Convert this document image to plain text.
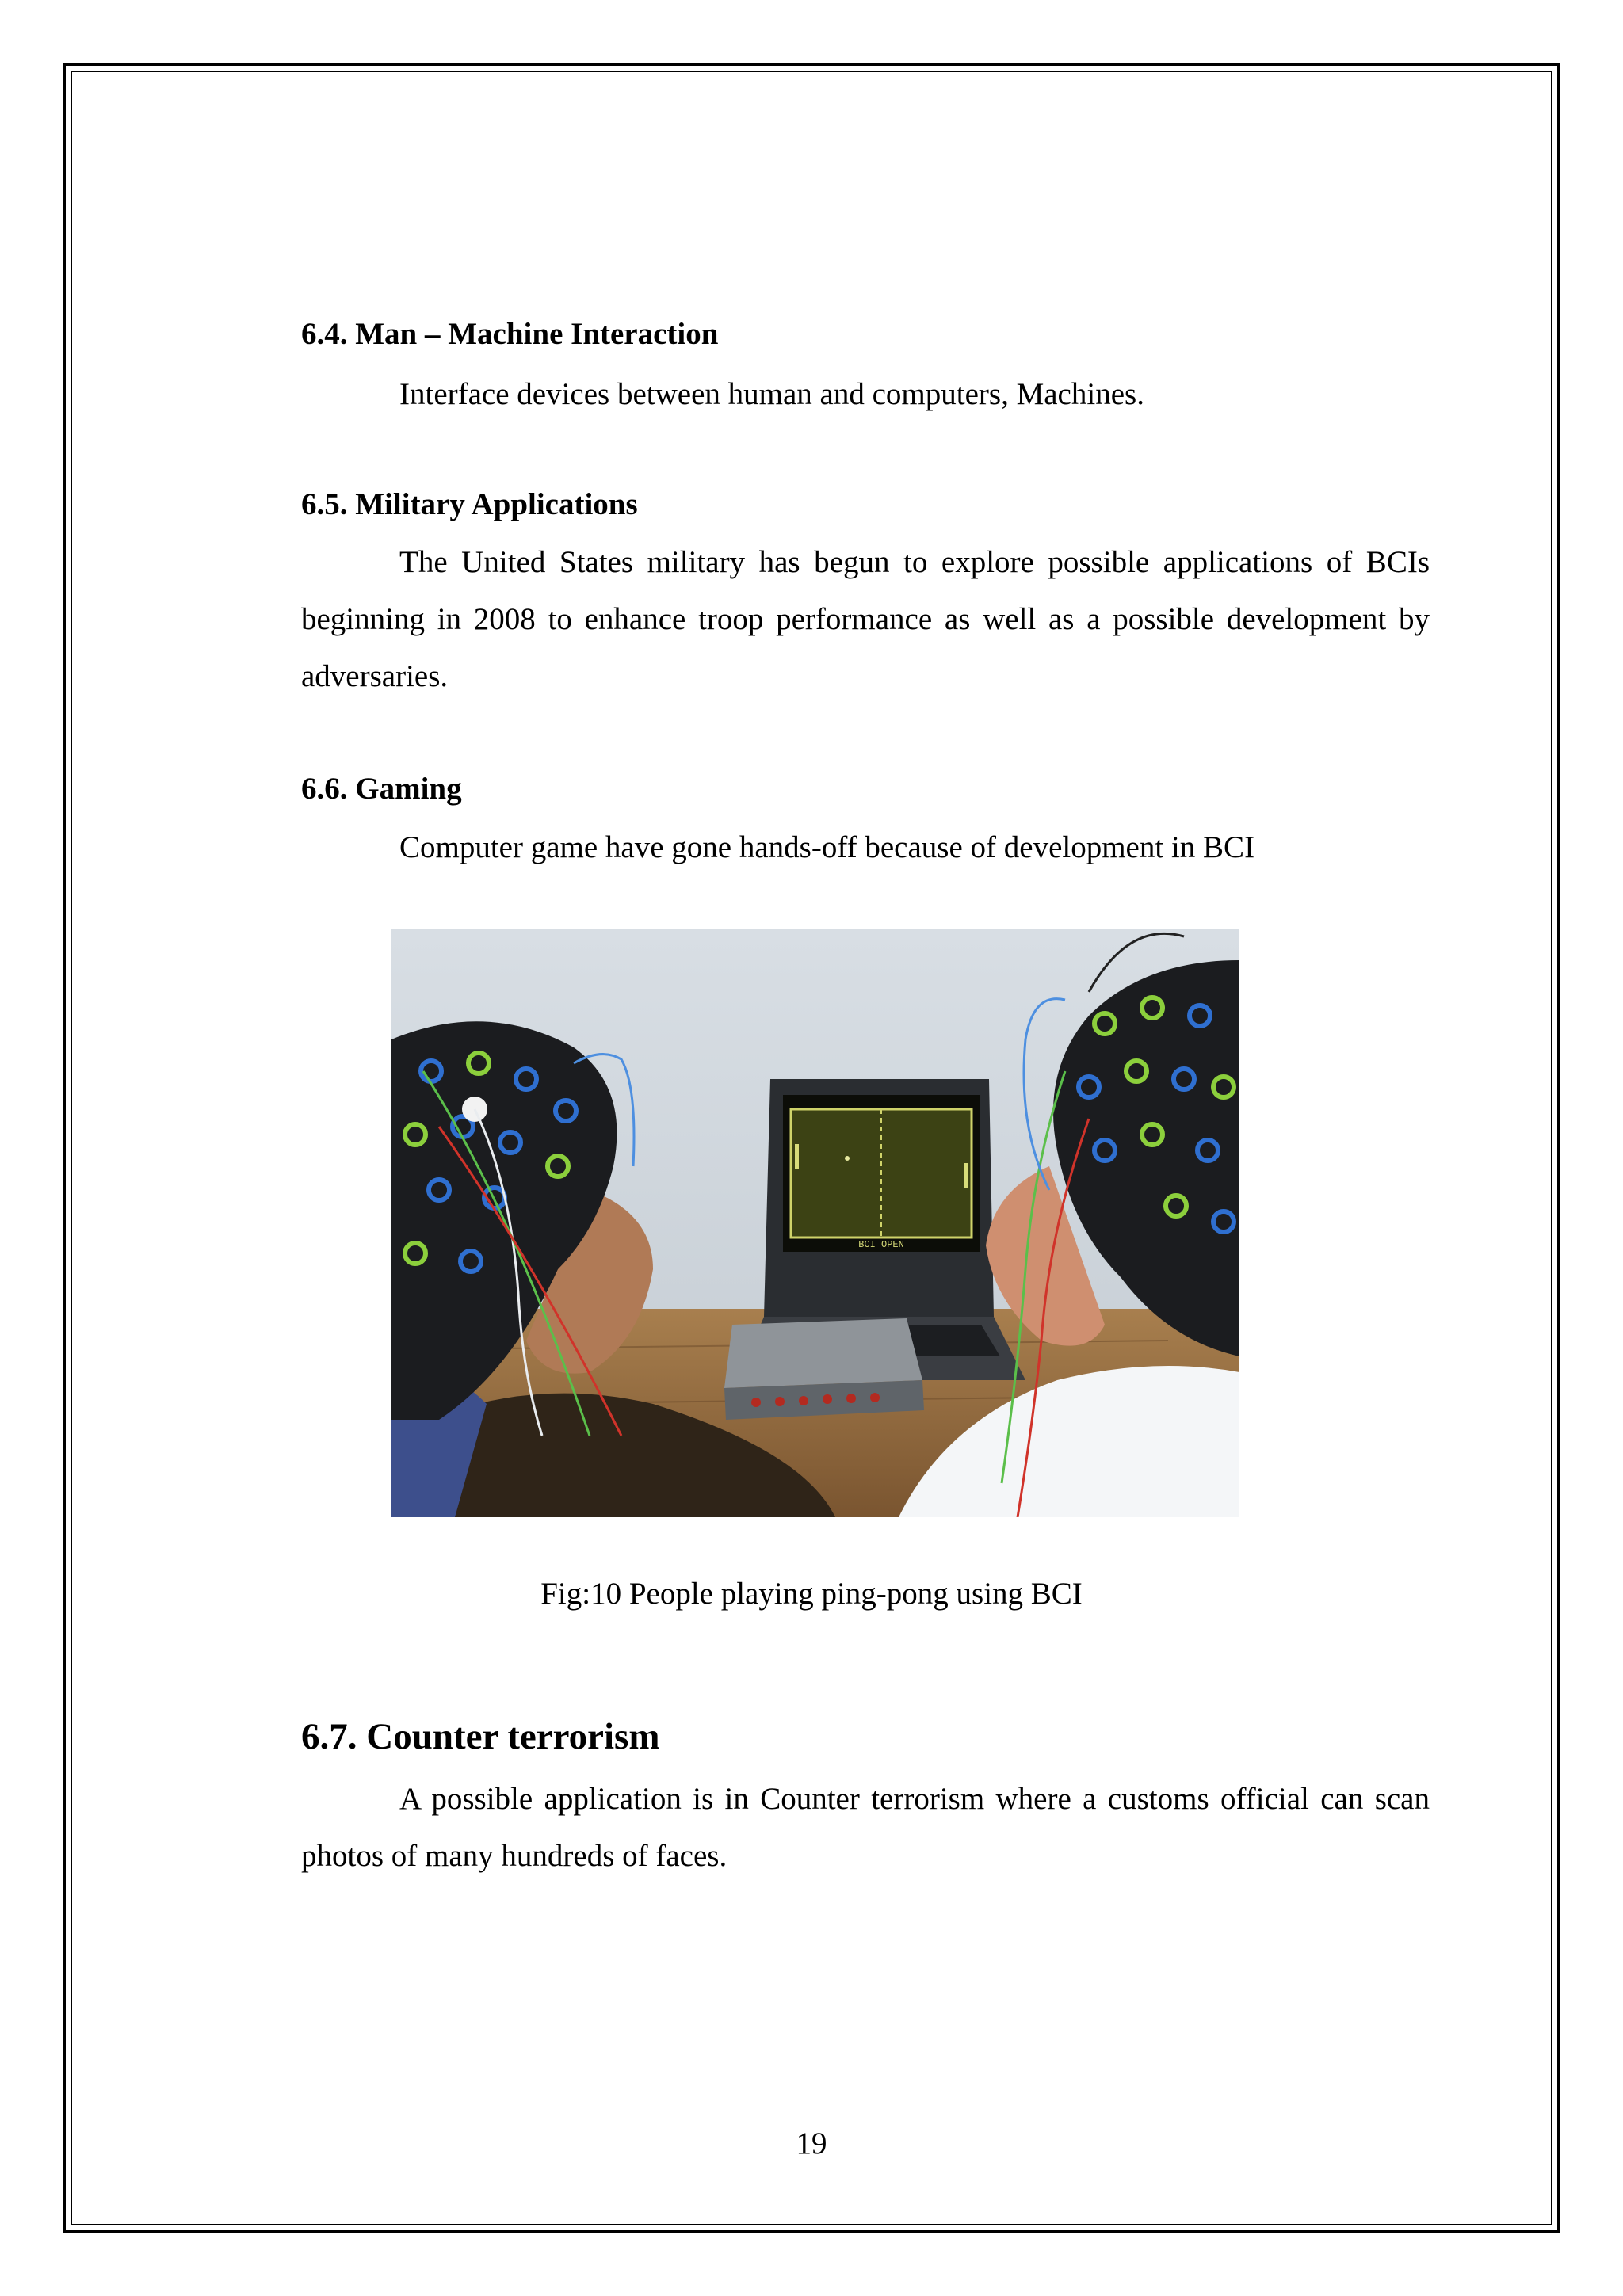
6.4. Man – Machine Interaction

Interface devices between human and computers, Machines.

6.5. Military Applications

The United States military has begun to explore possible applications of BCIs beginning in 2008 to enhance troop performance as well as a possible development by adversaries.

6.6. Gaming

Computer game have gone hands-off because of development in BCI

BCI OPEN

Fig:10 People playing ping-pong using BCI

6.7. Counter terrorism

A possible application is in Counter terrorism where a customs official can scan photos of many hundreds of faces.

19
